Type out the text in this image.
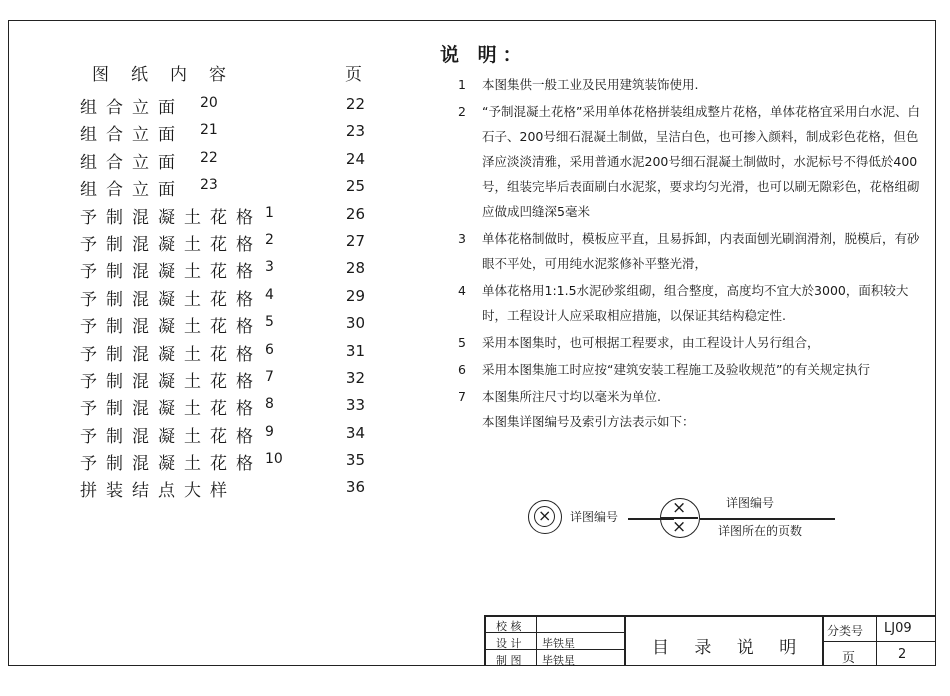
图纸内容	页
组合立面 20	22
组合立面 21	23
组合立面 22	24
组合立面 23	25
予制混凝土花格 1	26
予制混凝土花格 2	27
予制混凝土花格 3	28
予制混凝土花格 4	29
予制混凝土花格 5	30
予制混凝土花格 6	31
予制混凝土花格 7	32
予制混凝土花格 8	33
予制混凝土花格 9	34
予制混凝土花格 10	35
拼装结点大样	36
说 明：
1 本图集供一般工业及民用建筑装饰使用.
2 “予制混凝土花格”采用单体花格拼装组成整片花格，单体花格宜采用白水泥、白石子、200号细石混凝土制做，呈洁白色，也可掺入颜料，制成彩色花格，但色泽应淡淡清雅，采用普通水泥200号细石混凝土制做时，水泥标号不得低於400号，组装完毕后表面刷白水泥浆，要求均匀光滑，也可以刷无隙彩色，花格组砌应做成凹缝深5毫米
3 单体花格制做时，模板应平直，且易拆卸，内表面刨光刷润滑剂，脱模后，有砂眼不平处，可用纯水泥浆修补平整光滑，
4 单体花格用1:1.5水泥砂浆组砌，组合整度，高度均不宜大於3000，面积较大时，工程设计人应采取相应措施，以保证其结构稳定性.
5 采用本图集时，也可根据工程要求，由工程设计人另行组合，
6 采用本图集施工时应按“建筑安装工程施工及验收规范”的有关规定执行
7 本图集所注尺寸均以毫米为单位.
本图集详图编号及索引方法表示如下：
× 详图编号	×
×
详图编号
详图所在的页数
校 核
设 计 毕铁星
制 图 毕铁星
目 录 说 明
分类号 LJ09
页	2
